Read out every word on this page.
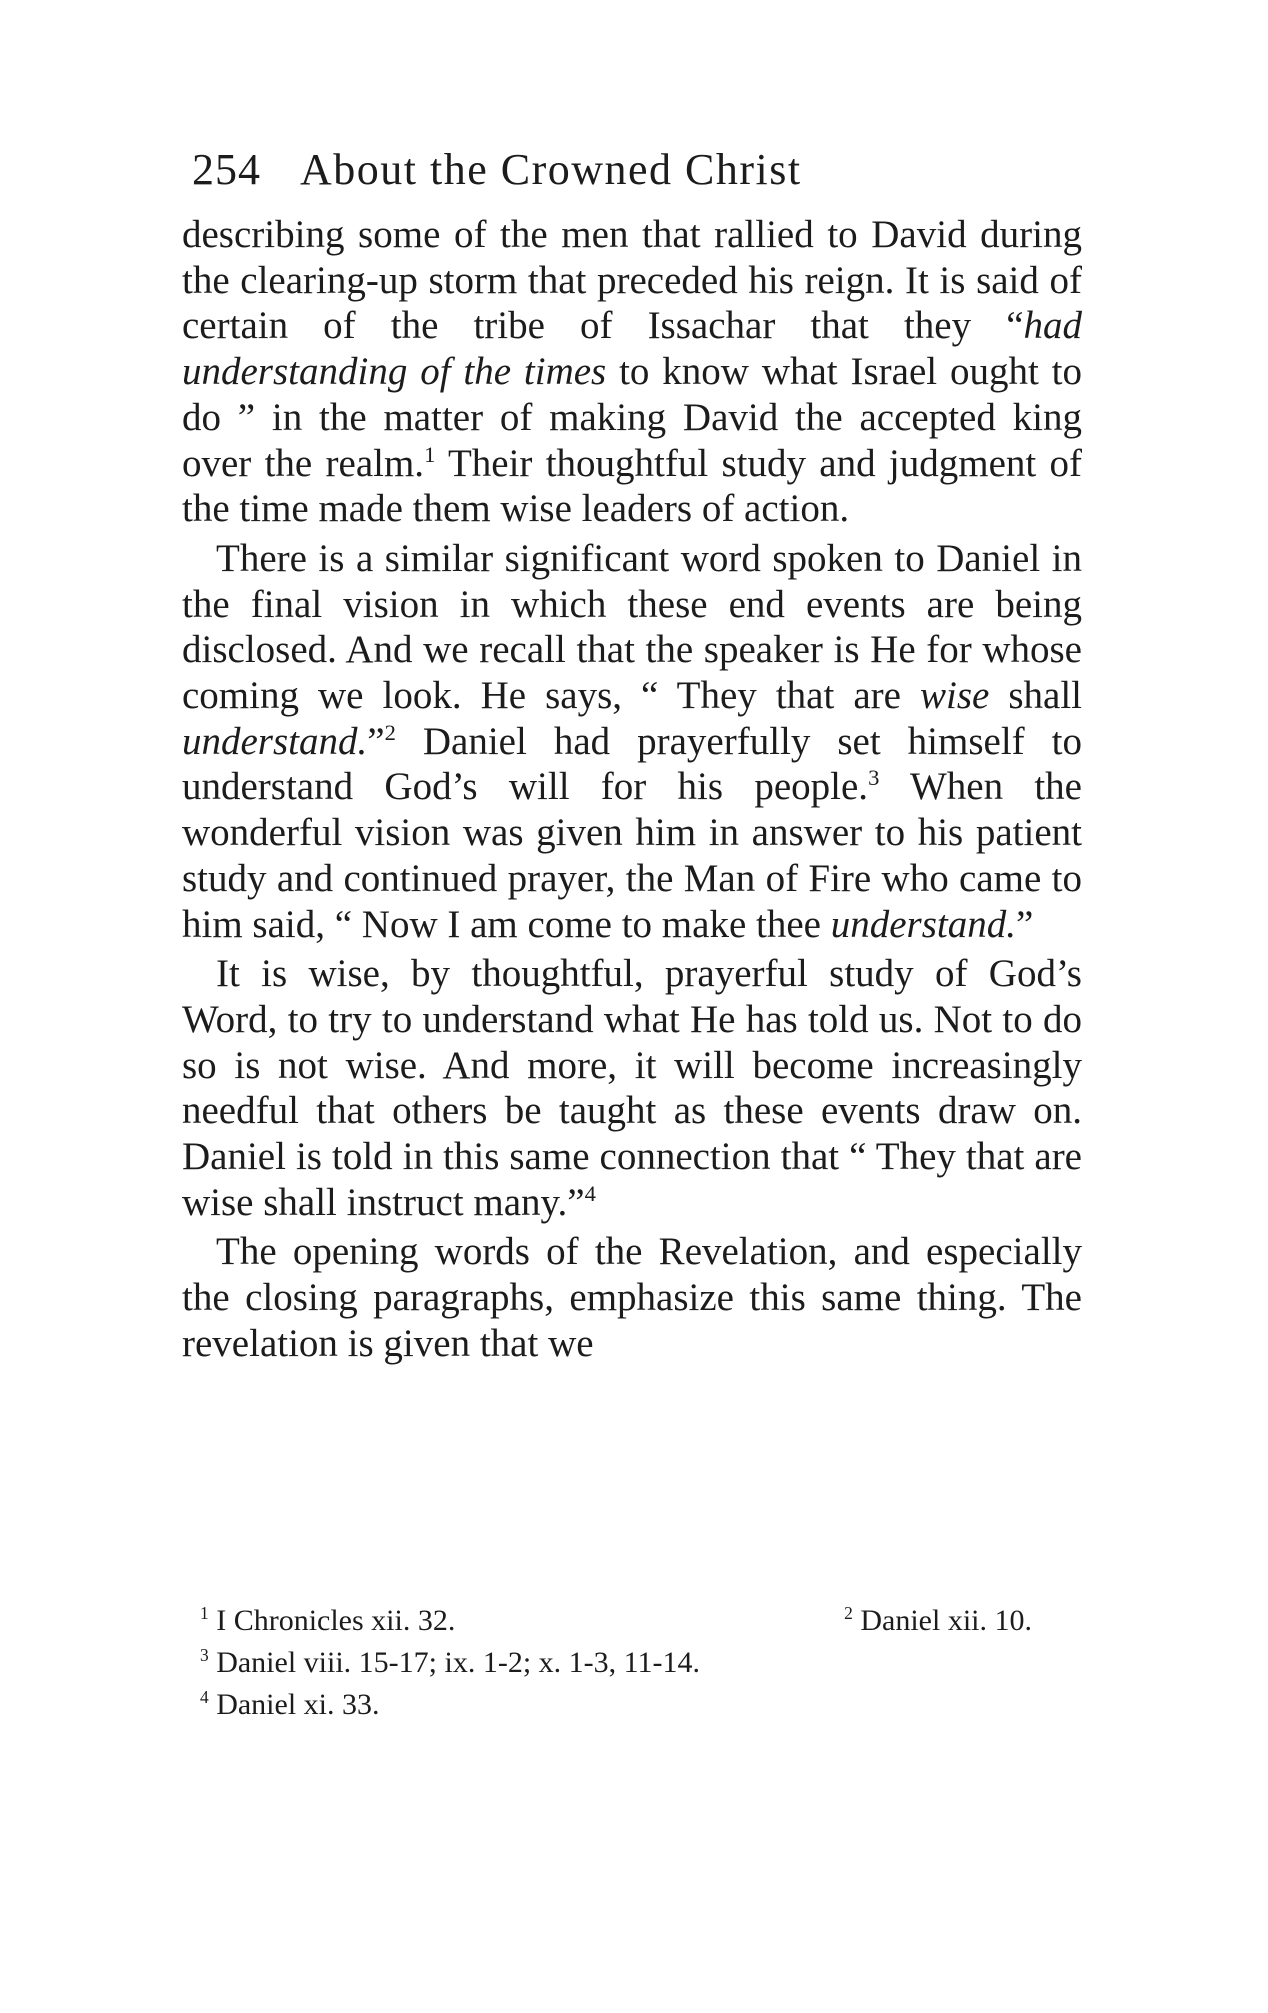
254 About the Crowned Christ

describing some of the men that rallied to David during the clearing-up storm that preceded his reign. It is said of certain of the tribe of Issachar that they “had understanding of the times to know what Israel ought to do ” in the matter of making David the accepted king over the realm.$^1$ Their thoughtful study and judgment of the time made them wise leaders of action.

There is a similar significant word spoken to Daniel in the final vision in which these end events are being disclosed. And we recall that the speaker is He for whose coming we look. He says, “ They that are wise shall understand.”$^2$ Daniel had prayerfully set himself to understand God’s will for his people.$^3$ When the wonderful vision was given him in answer to his patient study and continued prayer, the Man of Fire who came to him said, “ Now I am come to make thee understand.”

It is wise, by thoughtful, prayerful study of God’s Word, to try to understand what He has told us. Not to do so is not wise. And more, it will become increasingly needful that others be taught as these events draw on. Daniel is told in this same connection that “ They that are wise shall instruct many.”$^4$

The opening words of the Revelation, and especially the closing paragraphs, emphasize this same thing. The revelation is given that we

$^1$ I Chronicles xii. 32.	$^2$ Daniel xii. 10.
$^3$ Daniel viii. 15-17; ix. 1-2; x. 1-3, 11-14.
$^4$ Daniel xi. 33.
